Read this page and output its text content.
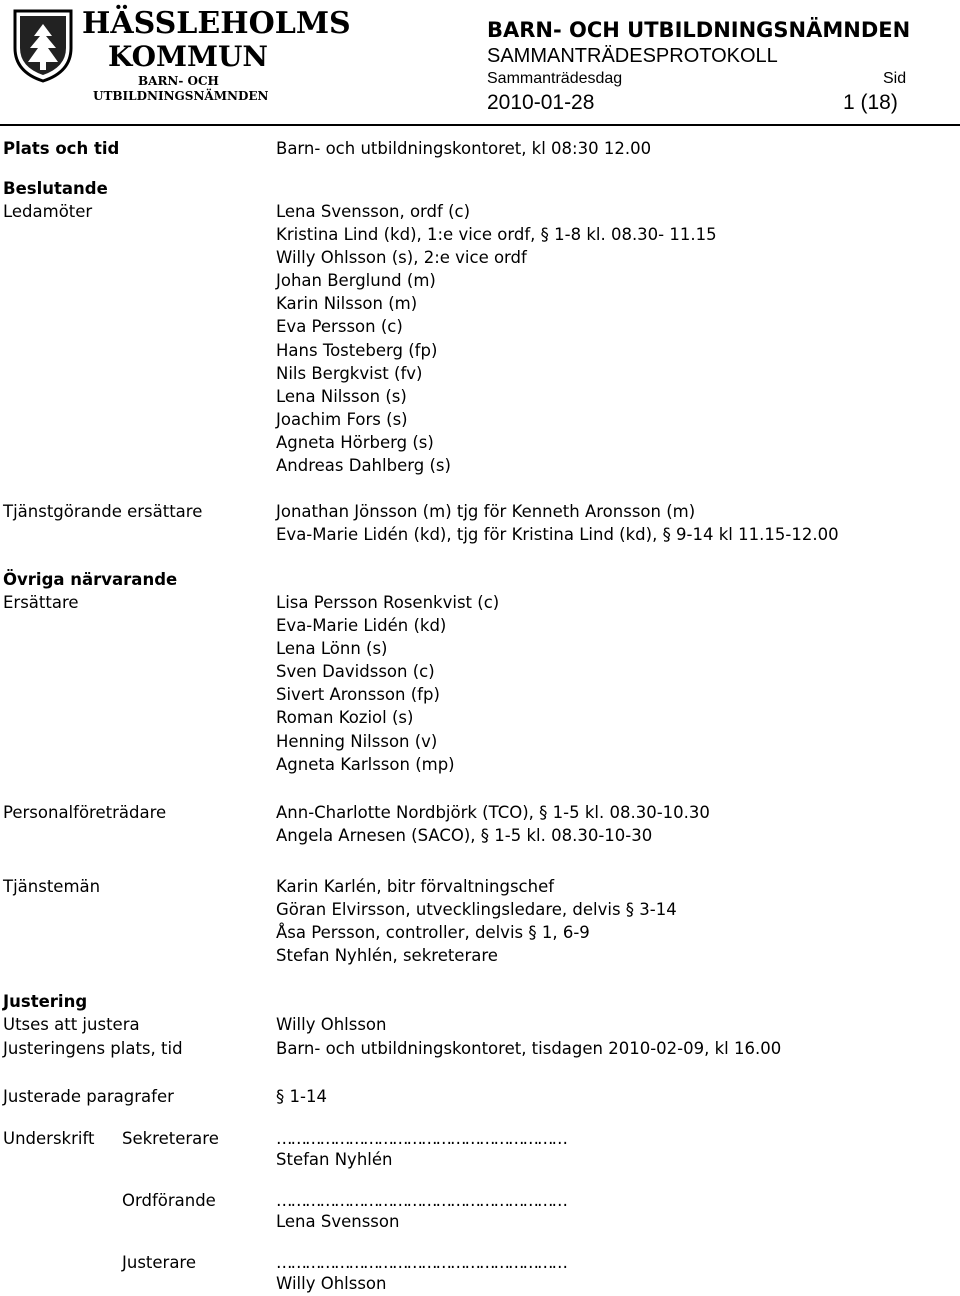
HÄSSLEHOLMS
KOMMUN
BARN- OCH
UTBILDNINGSNÄMNDEN
BARN- OCH UTBILDNINGSNÄMNDEN
SAMMANTRÄDESPROTOKOLL
Sammanträdesdag	Sid
2010-01-28	1 (18)
Plats och tid	Barn- och utbildningskontoret, kl 08:30 12.00
Beslutande
Ledamöter	Lena Svensson, ordf (c)
Kristina Lind (kd), 1:e vice ordf, § 1-8 kl. 08.30- 11.15
Willy Ohlsson (s), 2:e vice ordf
Johan Berglund (m)
Karin Nilsson (m)
Eva Persson (c)
Hans Tosteberg (fp)
Nils Bergkvist (fv)
Lena Nilsson (s)
Joachim Fors (s)
Agneta Hörberg (s)
Andreas Dahlberg (s)
Tjänstgörande ersättare	Jonathan Jönsson (m) tjg för Kenneth Aronsson (m)
Eva-Marie Lidén (kd), tjg för Kristina Lind (kd), § 9-14 kl 11.15-12.00
Övriga närvarande
Ersättare	Lisa Persson Rosenkvist (c)
Eva-Marie Lidén (kd)
Lena Lönn (s)
Sven Davidsson (c)
Sivert Aronsson (fp)
Roman Koziol (s)
Henning Nilsson (v)
Agneta Karlsson (mp)
Personalföreträdare	Ann-Charlotte Nordbjörk (TCO), § 1-5 kl. 08.30-10.30
Angela Arnesen (SACO), § 1-5 kl. 08.30-10-30
Tjänstemän	Karin Karlén, bitr förvaltningschef
Göran Elvirsson, utvecklingsledare, delvis § 3-14
Åsa Persson, controller, delvis § 1, 6-9
Stefan Nyhlén, sekreterare
Justering
Utses att justera	Willy Ohlsson
Justeringens plats, tid	Barn- och utbildningskontoret, tisdagen 2010-02-09, kl 16.00
Justerade paragrafer	§ 1-14
Underskrift Sekreterare	……………………………………………………
Stefan Nyhlén
Ordförande	……………………………………………………
Lena Svensson
Justerare	……………………………………………………
Willy Ohlsson
